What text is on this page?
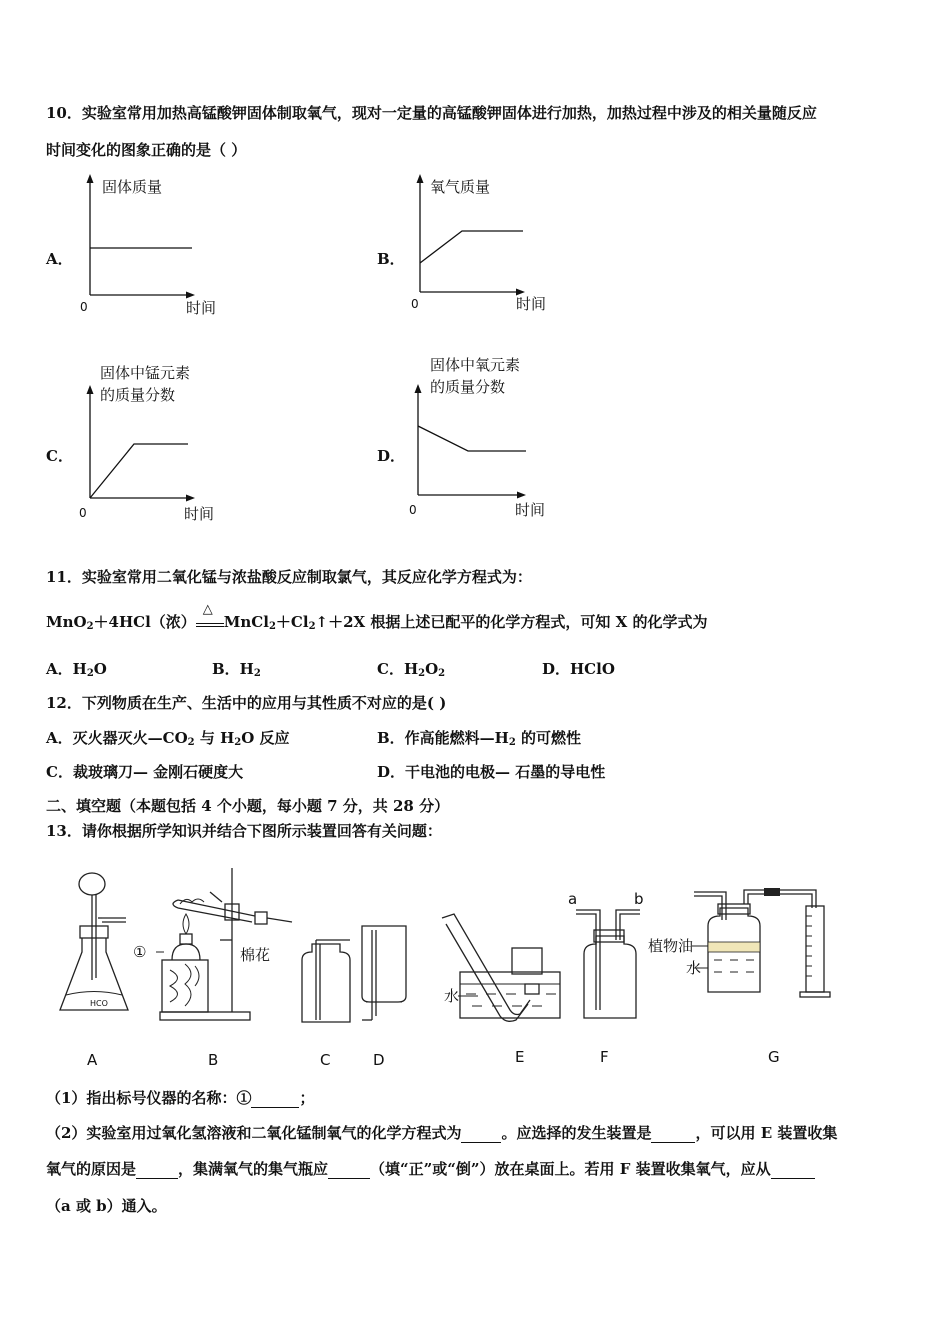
10．实验室常用加热高锰酸钾固体制取氧气，现对一定量的高锰酸钾固体进行加热，加热过程中涉及的相关量随反应
时间变化的图象正确的是（ ）
A．
固体质量
0	时间
B．
氧气质量
0	时间
C．
固体中锰元素
的质量分数
0	时间
D．
固体中氧元素
的质量分数
0	时间
11．实验室常用二氧化锰与浓盐酸反应制取氯气，其反应化学方程式为：
MnO$_2$＋4HCl（浓）
△
$MnCl_2+Cl_2↑+2X$ 根据上述已配平的化学方程式，可知 X 的化学式为
A．$H_2O$	B．$H_2$	C．$H_2O_2$	D．HClO
12．下列物质在生产、生活中的应用与其性质不对应的是( )
A．灭火器灭火$—CO_2$ 与 $H_2O$ 反应	B．作高能燃料$—H_2$ 的可燃性
C．裁玻璃刀— 金刚石硬度大	D．干电池的电极— 石墨的导电性
二、填空题（本题包括 4 个小题，每小题 7 分，共 28 分）
13．请你根据所学知识并结合下图所示装置回答有关问题：
HCO
A
①	棉花
B	C	D
水
E
a	b
F
植物油
水
G
（1）指出标号仪器的名称：①	；
（2）实验室用过氧化氢溶液和二氧化锰制氧气的化学方程式为	。应选择的发生装置是	，可以用 E 装置收集
氧气的原因是	，集满氧气的集气瓶应	（填“正”或“倒”）放在桌面上。若用 F 装置收集氧气，应从
（a 或 b）通入。
